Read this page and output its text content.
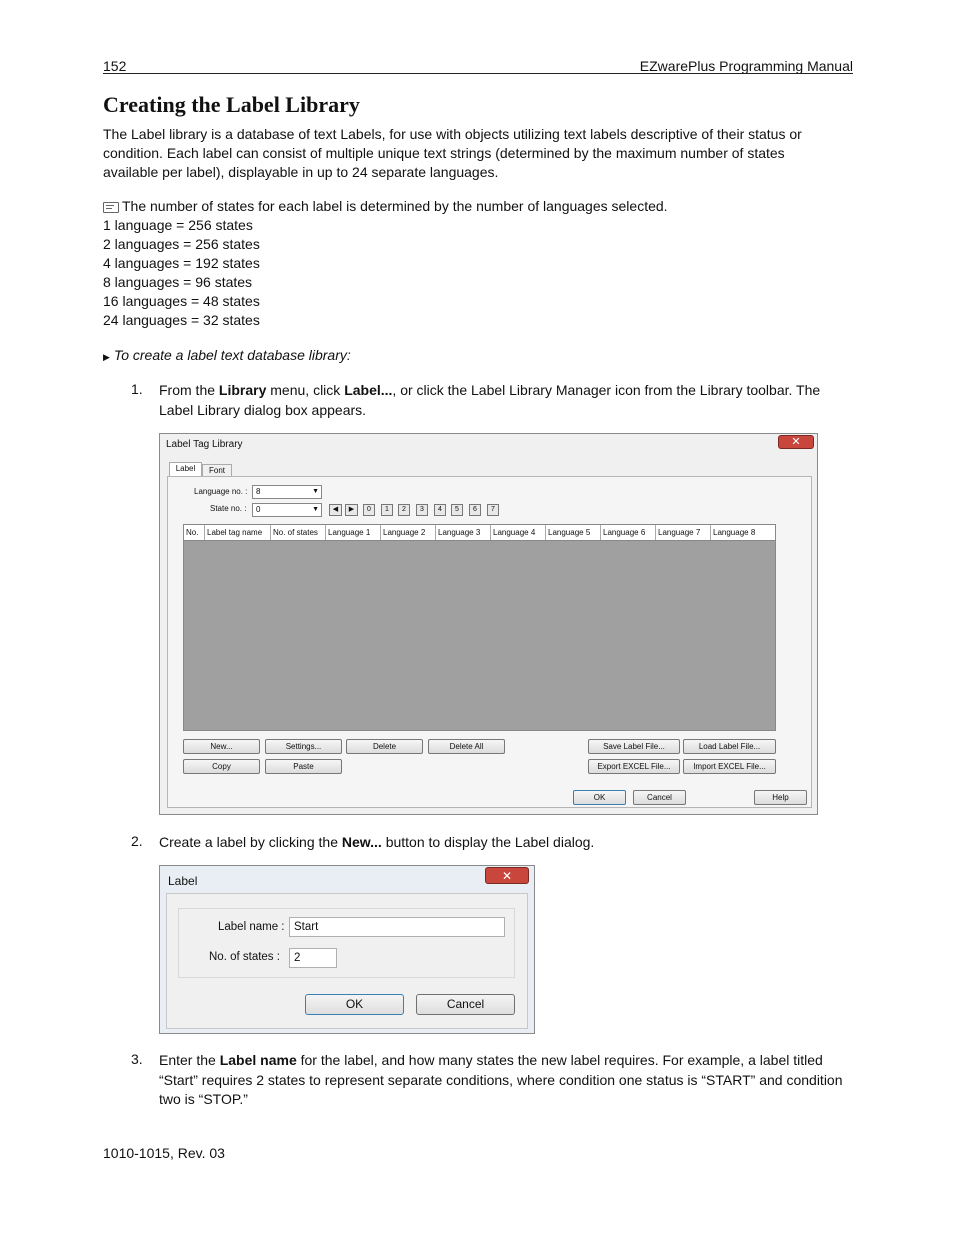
152	EZwarePlus Programming Manual
Creating the Label Library
The Label library is a database of text Labels, for use with objects utilizing text labels descriptive of their status or condition. Each label can consist of multiple unique text strings (determined by the maximum number of states available per label), displayable in up to 24 separate languages.
The number of states for each label is determined by the number of languages selected.
1 language = 256 states
2 languages = 256 states
4 languages = 192 states
8 languages = 96 states
16 languages = 48 states
24 languages = 32 states
▶ To create a label text database library:
1. From the Library menu, click Label..., or click the Label Library Manager icon from the Library toolbar. The Label Library dialog box appears.
Label Tag Library	✕
Label	Font
Language no. :	8	▼
State no. :	0	▼	◀	▶	0	1	2	3	4	5	6	7
No.	Label tag name	No. of states	Language 1	Language 2	Language 3	Language 4	Language 5	Language 6	Language 7	Language 8
New...	Settings...	Delete	Delete All	Save Label File...	Load Label File...
Copy	Paste	Export EXCEL File...	Import EXCEL File...
OK	Cancel	Help
2. Create a label by clicking the New... button to display the Label dialog.
Label	✕
Label name : Start
No. of states :	2
OK	Cancel
3. Enter the Label name for the label, and how many states the new label requires. For example, a label titled “Start” requires 2 states to represent separate conditions, where condition one status is “START” and condition two is “STOP.”
1010-1015, Rev. 03
